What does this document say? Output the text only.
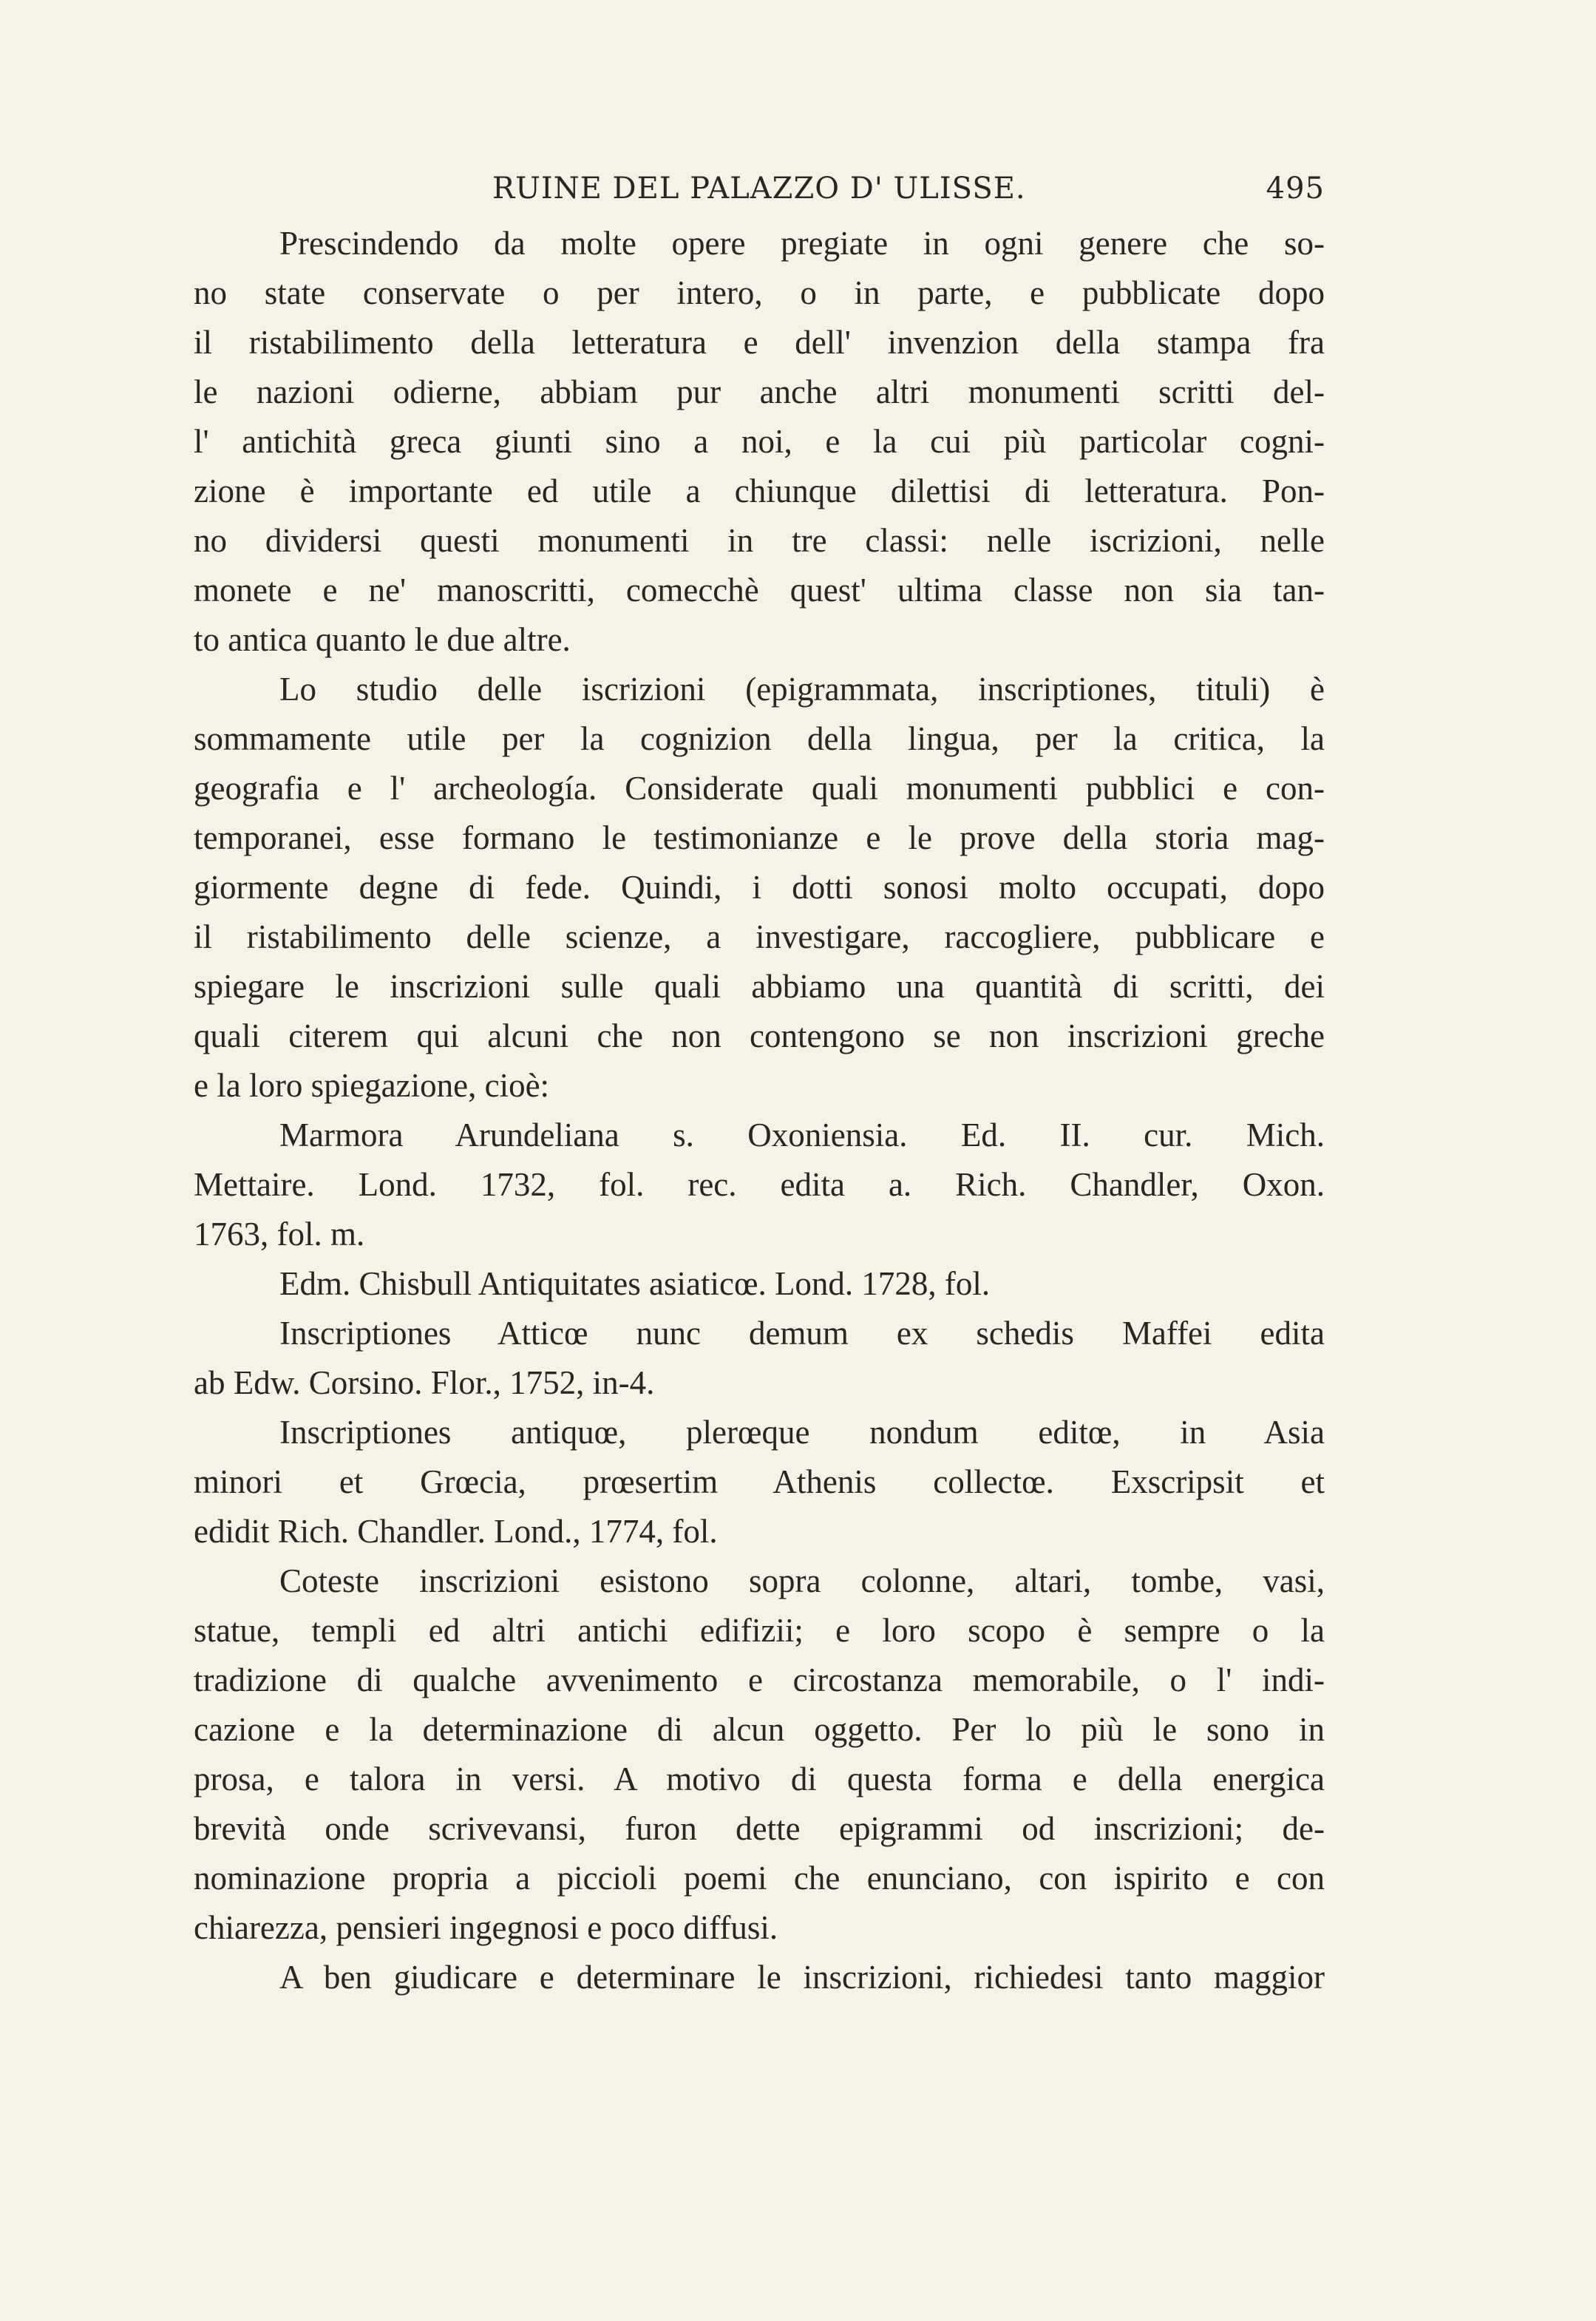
RUINE DEL PALAZZO D' ULISSE.	495
Prescindendo da molte opere pregiate in ogni genere che so-
no state conservate o per intero, o in parte, e pubblicate dopo
il ristabilimento della letteratura e dell' invenzion della stampa fra
le nazioni odierne, abbiam pur anche altri monumenti scritti del-
l' antichità greca giunti sino a noi, e la cui più particolar cogni-
zione è importante ed utile a chiunque dilettisi di letteratura. Pon-
no dividersi questi monumenti in tre classi: nelle iscrizioni, nelle
monete e ne' manoscritti, comecchè quest' ultima classe non sia tan-
to antica quanto le due altre.
Lo studio delle iscrizioni (epigrammata, inscriptiones, tituli) è
sommamente utile per la cognizion della lingua, per la critica, la
geografia e l' archeología. Considerate quali monumenti pubblici e con-
temporanei, esse formano le testimonianze e le prove della storia mag-
giormente degne di fede. Quindi, i dotti sonosi molto occupati, dopo
il ristabilimento delle scienze, a investigare, raccogliere, pubblicare e
spiegare le inscrizioni sulle quali abbiamo una quantità di scritti, dei
quali citerem qui alcuni che non contengono se non inscrizioni greche
e la loro spiegazione, cioè:
Marmora Arundeliana s. Oxoniensia. Ed. II. cur. Mich.
Mettaire. Lond. 1732, fol. rec. edita a. Rich. Chandler, Oxon.
1763, fol. m.
Edm. Chisbull Antiquitates asiaticœ. Lond. 1728, fol.
Inscriptiones Atticœ nunc demum ex schedis Maffei edita
ab Edw. Corsino. Flor., 1752, in-4.
Inscriptiones antiquœ, plerœque nondum editœ, in Asia
minori et Grœcia, prœsertim Athenis collectœ. Exscripsit et
edidit Rich. Chandler. Lond., 1774, fol.
Coteste inscrizioni esistono sopra colonne, altari, tombe, vasi,
statue, templi ed altri antichi edifizii; e loro scopo è sempre o la
tradizione di qualche avvenimento e circostanza memorabile, o l' indi-
cazione e la determinazione di alcun oggetto. Per lo più le sono in
prosa, e talora in versi. A motivo di questa forma e della energica
brevità onde scrivevansi, furon dette epigrammi od inscrizioni; de-
nominazione propria a piccioli poemi che enunciano, con ispirito e con
chiarezza, pensieri ingegnosi e poco diffusi.
A ben giudicare e determinare le inscrizioni, richiedesi tanto maggior
